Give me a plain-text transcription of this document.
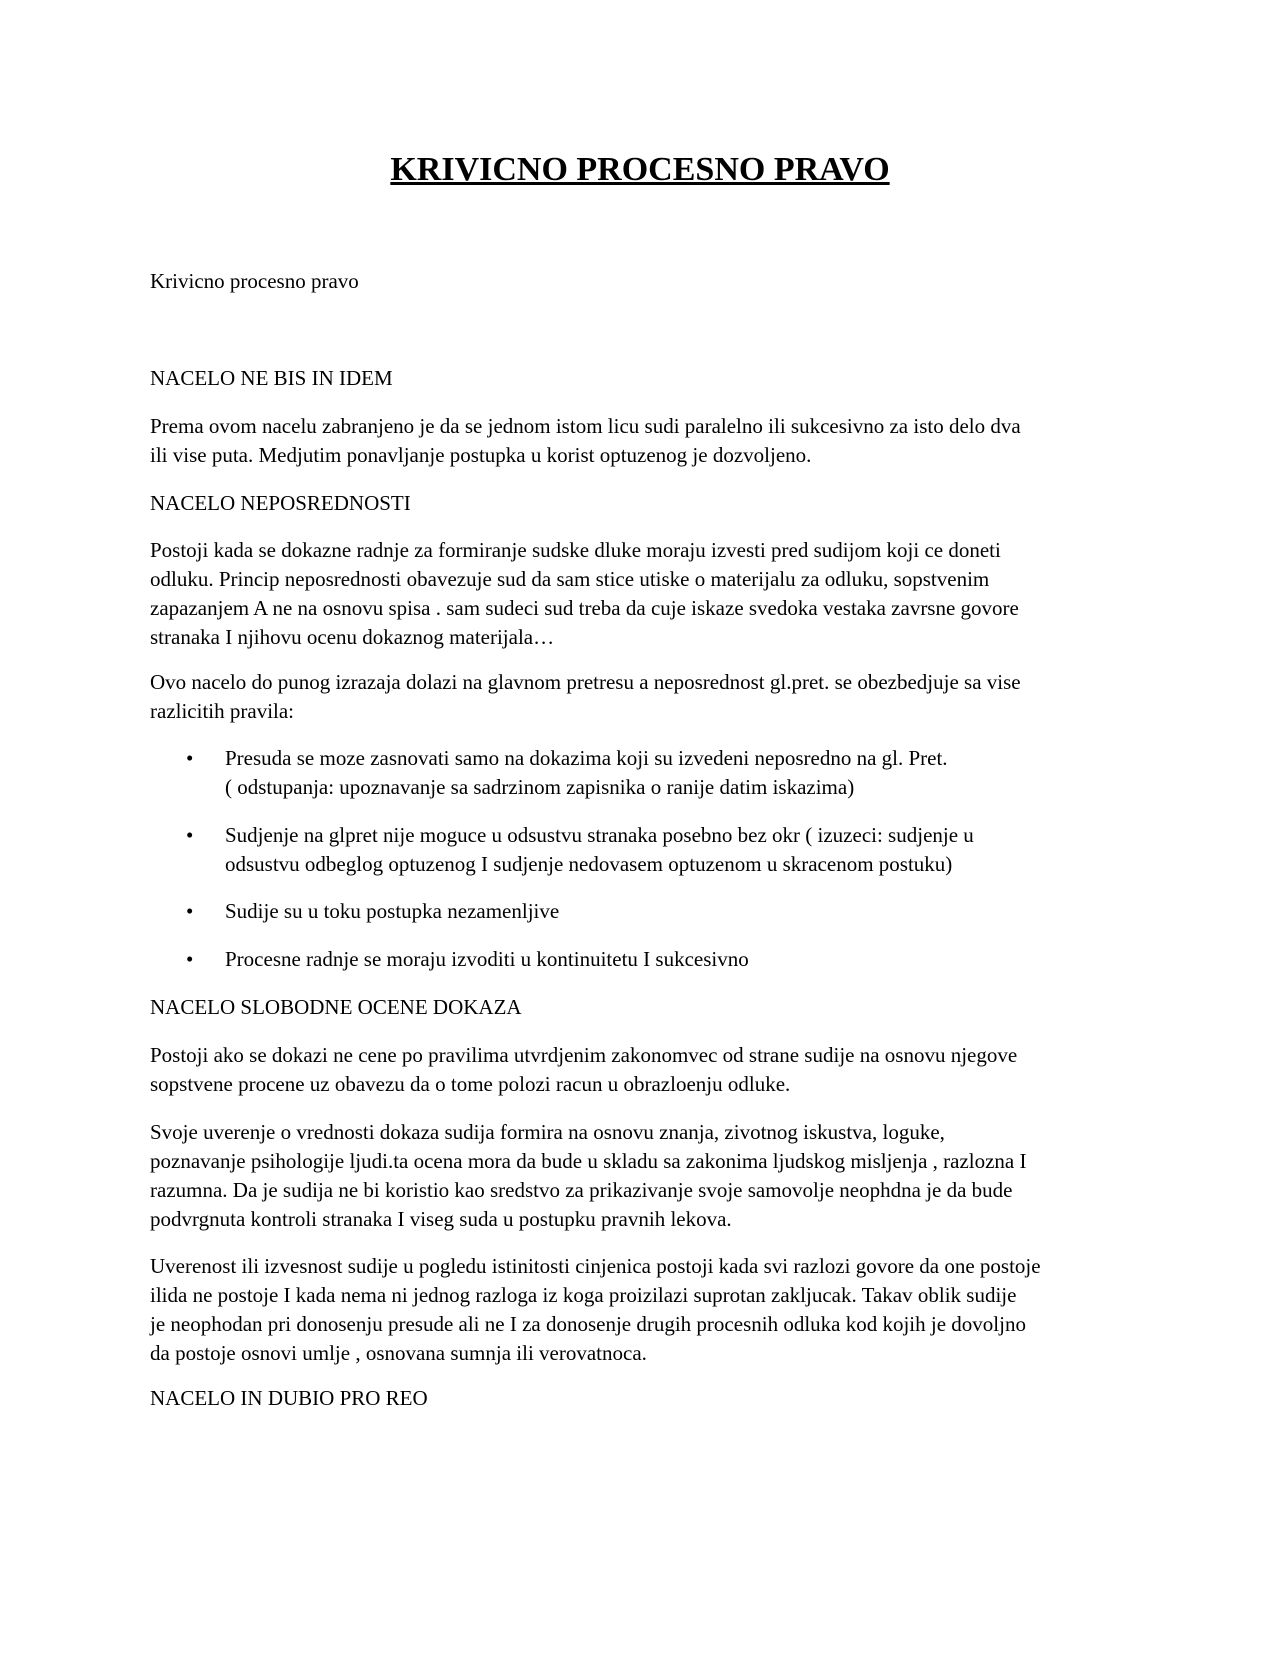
KRIVICNO PROCESNO PRAVO
Krivicno procesno pravo
NACELO NE BIS IN IDEM
Prema ovom nacelu zabranjeno je da se jednom istom licu sudi paralelno ili sukcesivno za isto delo dva
ili vise puta. Medjutim ponavljanje postupka u korist optuzenog je dozvoljeno.
NACELO NEPOSREDNOSTI
Postoji kada se dokazne radnje za formiranje sudske dluke moraju izvesti pred sudijom koji ce doneti
odluku. Princip neposrednosti obavezuje sud da sam stice utiske o materijalu za odluku, sopstvenim
zapazanjem A ne na osnovu spisa . sam sudeci sud treba da cuje iskaze svedoka vestaka zavrsne govore
stranaka I njihovu ocenu dokaznog materijala…
Ovo nacelo do punog izrazaja dolazi na glavnom pretresu a neposrednost gl.pret. se obezbedjuje sa vise
razlicitih pravila:
• Presuda se moze zasnovati samo na dokazima koji su izvedeni neposredno na gl. Pret.
( odstupanja: upoznavanje sa sadrzinom zapisnika o ranije datim iskazima)
• Sudjenje na glpret nije moguce u odsustvu stranaka posebno bez okr ( izuzeci: sudjenje u
odsustvu odbeglog optuzenog I sudjenje nedovasem optuzenom u skracenom postuku)
• Sudije su u toku postupka nezamenljive
• Procesne radnje se moraju izvoditi u kontinuitetu I sukcesivno
NACELO SLOBODNE OCENE DOKAZA
Postoji ako se dokazi ne cene po pravilima utvrdjenim zakonomvec od strane sudije na osnovu njegove
sopstvene procene uz obavezu da o tome polozi racun u obrazloenju odluke.
Svoje uverenje o vrednosti dokaza sudija formira na osnovu znanja, zivotnog iskustva, loguke,
poznavanje psihologije ljudi.ta ocena mora da bude u skladu sa zakonima ljudskog misljenja , razlozna I
razumna. Da je sudija ne bi koristio kao sredstvo za prikazivanje svoje samovolje neophdna je da bude
podvrgnuta kontroli stranaka I viseg suda u postupku pravnih lekova.
Uverenost ili izvesnost sudije u pogledu istinitosti cinjenica postoji kada svi razlozi govore da one postoje
ilida ne postoje I kada nema ni jednog razloga iz koga proizilazi suprotan zakljucak. Takav oblik sudije
je neophodan pri donosenju presude ali ne I za donosenje drugih procesnih odluka kod kojih je dovoljno
da postoje osnovi umlje , osnovana sumnja ili verovatnoca.
NACELO IN DUBIO PRO REO
